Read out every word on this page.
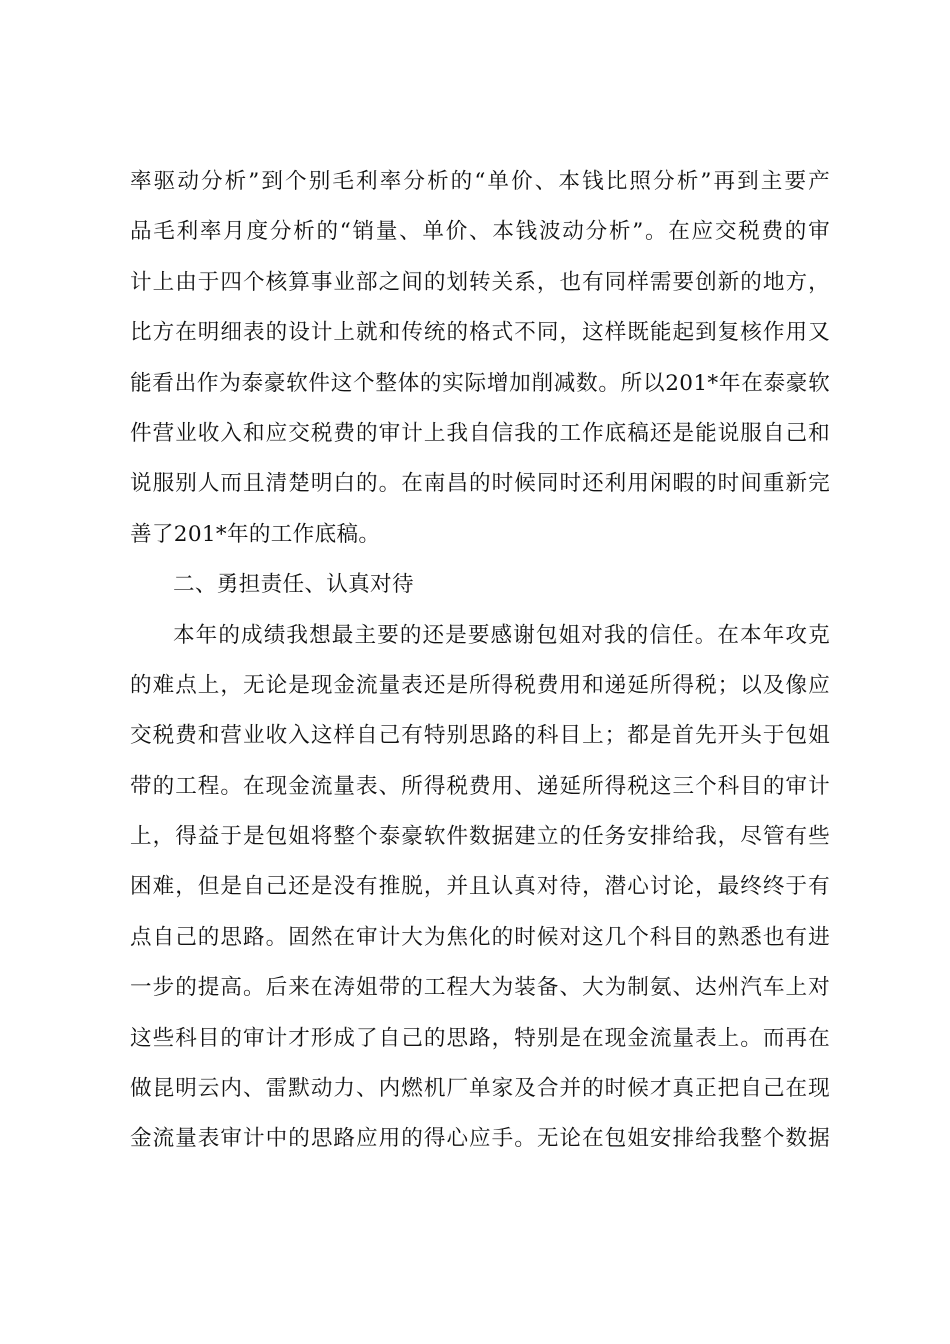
率驱动分析”到个别毛利率分析的“单价、本钱比照分析”再到主要产
品毛利率月度分析的“销量、单价、本钱波动分析”。在应交税费的审
计上由于四个核算事业部之间的划转关系，也有同样需要创新的地方，
比方在明细表的设计上就和传统的格式不同，这样既能起到复核作用又
能看出作为泰豪软件这个整体的实际增加削减数。所以201*年在泰豪软
件营业收入和应交税费的审计上我自信我的工作底稿还是能说服自己和
说服别人而且清楚明白的。在南昌的时候同时还利用闲暇的时间重新完
善了201*年的工作底稿。
二、勇担责任、认真对待
本年的成绩我想最主要的还是要感谢包姐对我的信任。在本年攻克
的难点上，无论是现金流量表还是所得税费用和递延所得税；以及像应
交税费和营业收入这样自己有特别思路的科目上；都是首先开头于包姐
带的工程。在现金流量表、所得税费用、递延所得税这三个科目的审计
上，得益于是包姐将整个泰豪软件数据建立的任务安排给我，尽管有些
困难，但是自己还是没有推脱，并且认真对待，潜心讨论，最终终于有
点自己的思路。固然在审计大为焦化的时候对这几个科目的熟悉也有进
一步的提高。后来在涛姐带的工程大为装备、大为制氨、达州汽车上对
这些科目的审计才形成了自己的思路，特别是在现金流量表上。而再在
做昆明云内、雷默动力、内燃机厂单家及合并的时候才真正把自己在现
金流量表审计中的思路应用的得心应手。无论在包姐安排给我整个数据
